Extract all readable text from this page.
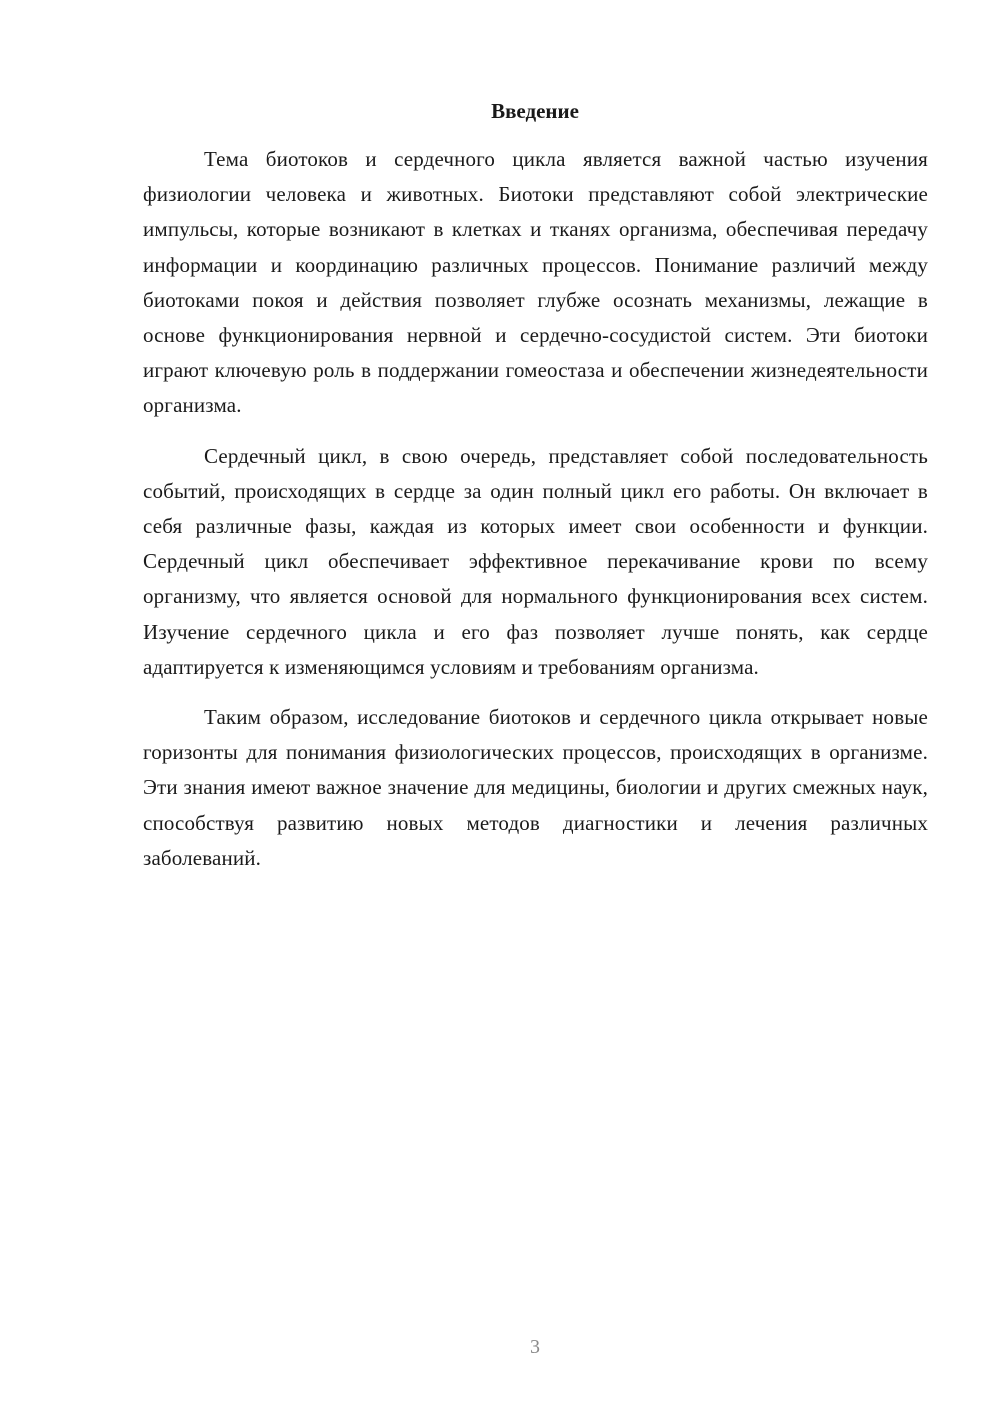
Введение

Тема биотоков и сердечного цикла является важной частью изучения физиологии человека и животных. Биотоки представляют собой электрические импульсы, которые возникают в клетках и тканях организма, обеспечивая передачу информации и координацию различных процессов. Понимание различий между биотоками покоя и действия позволяет глубже осознать механизмы, лежащие в основе функционирования нервной и сердечно-сосудистой систем. Эти биотоки играют ключевую роль в поддержании гомеостаза и обеспечении жизнедеятельности организма.

Сердечный цикл, в свою очередь, представляет собой последовательность событий, происходящих в сердце за один полный цикл его работы. Он включает в себя различные фазы, каждая из которых имеет свои особенности и функции. Сердечный цикл обеспечивает эффективное перекачивание крови по всему организму, что является основой для нормального функционирования всех систем. Изучение сердечного цикла и его фаз позволяет лучше понять, как сердце адаптируется к изменяющимся условиям и требованиям организма.

Таким образом, исследование биотоков и сердечного цикла открывает новые горизонты для понимания физиологических процессов, происходящих в организме. Эти знания имеют важное значение для медицины, биологии и других смежных наук, способствуя развитию новых методов диагностики и лечения различных заболеваний.

3
